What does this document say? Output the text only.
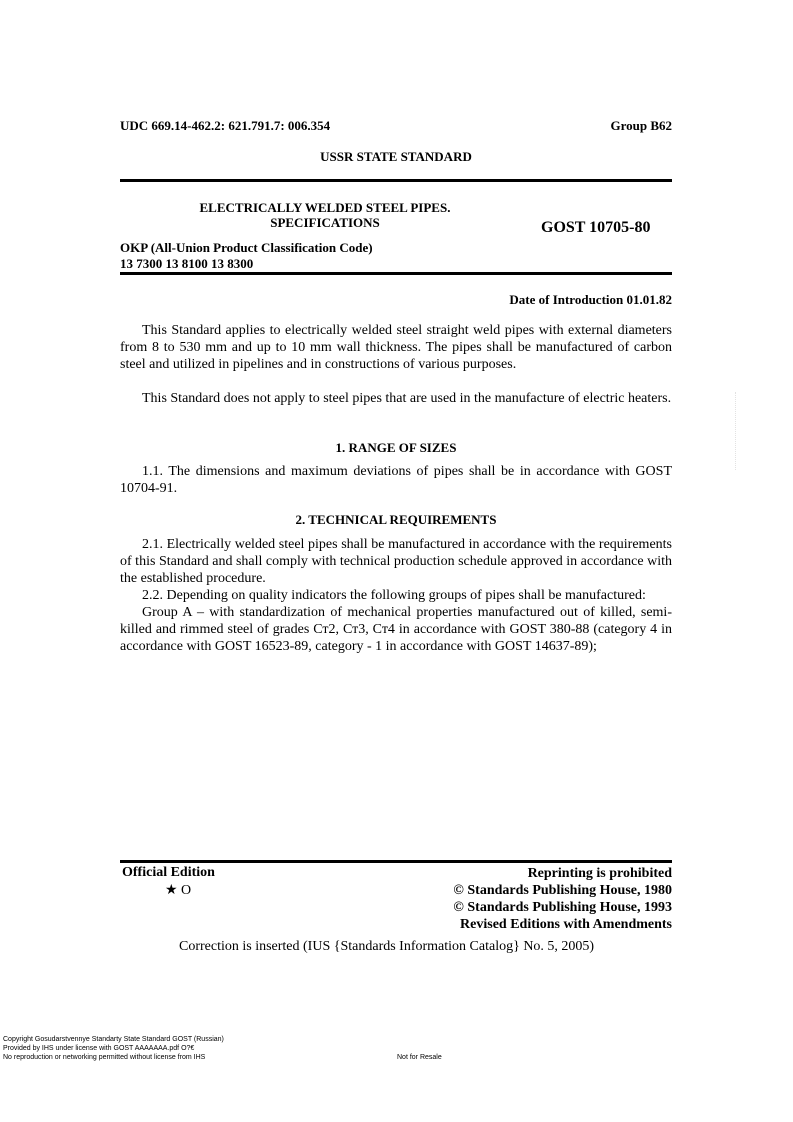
UDC 669.14-462.2: 621.791.7: 006.354	Group B62
USSR STATE STANDARD
ELECTRICALLY WELDED STEEL PIPES.
SPECIFICATIONS	GOST 10705-80
OKP (All-Union Product Classification Code)
13 7300 13 8100 13 8300
Date of Introduction 01.01.82

This Standard applies to electrically welded steel straight weld pipes with external diameters from 8 to 530 mm and up to 10 mm wall thickness. The pipes shall be manufactured of carbon steel and utilized in pipelines and in constructions of various purposes.

This Standard does not apply to steel pipes that are used in the manufacture of electric heaters.

1. RANGE OF SIZES

1.1. The dimensions and maximum deviations of pipes shall be in accordance with GOST 10704-91.

2. TECHNICAL REQUIREMENTS

2.1. Electrically welded steel pipes shall be manufactured in accordance with the requirements of this Standard and shall comply with technical production schedule approved in accordance with the established procedure.

2.2. Depending on quality indicators the following groups of pipes shall be manufactured:

Group A – with standardization of mechanical properties manufactured out of killed, semi-killed and rimmed steel of grades Ст2, Ст3, Ст4 in accordance with GOST 380-88 (category 4 in accordance with GOST 16523-89, category - 1 in accordance with GOST 14637-89);

Official Edition
★ О
Reprinting is prohibited
© Standards Publishing House, 1980
© Standards Publishing House, 1993
Revised Editions with Amendments
Correction is inserted (IUS {Standards Information Catalog} No. 5, 2005)
Copyright Gosudarstvennye Standarty State Standard GOST (Russian)
Provided by IHS under license with GOST AAAAAAA.pdf O?€
No reproduction or networking permitted without license from IHS	Not for Resale
